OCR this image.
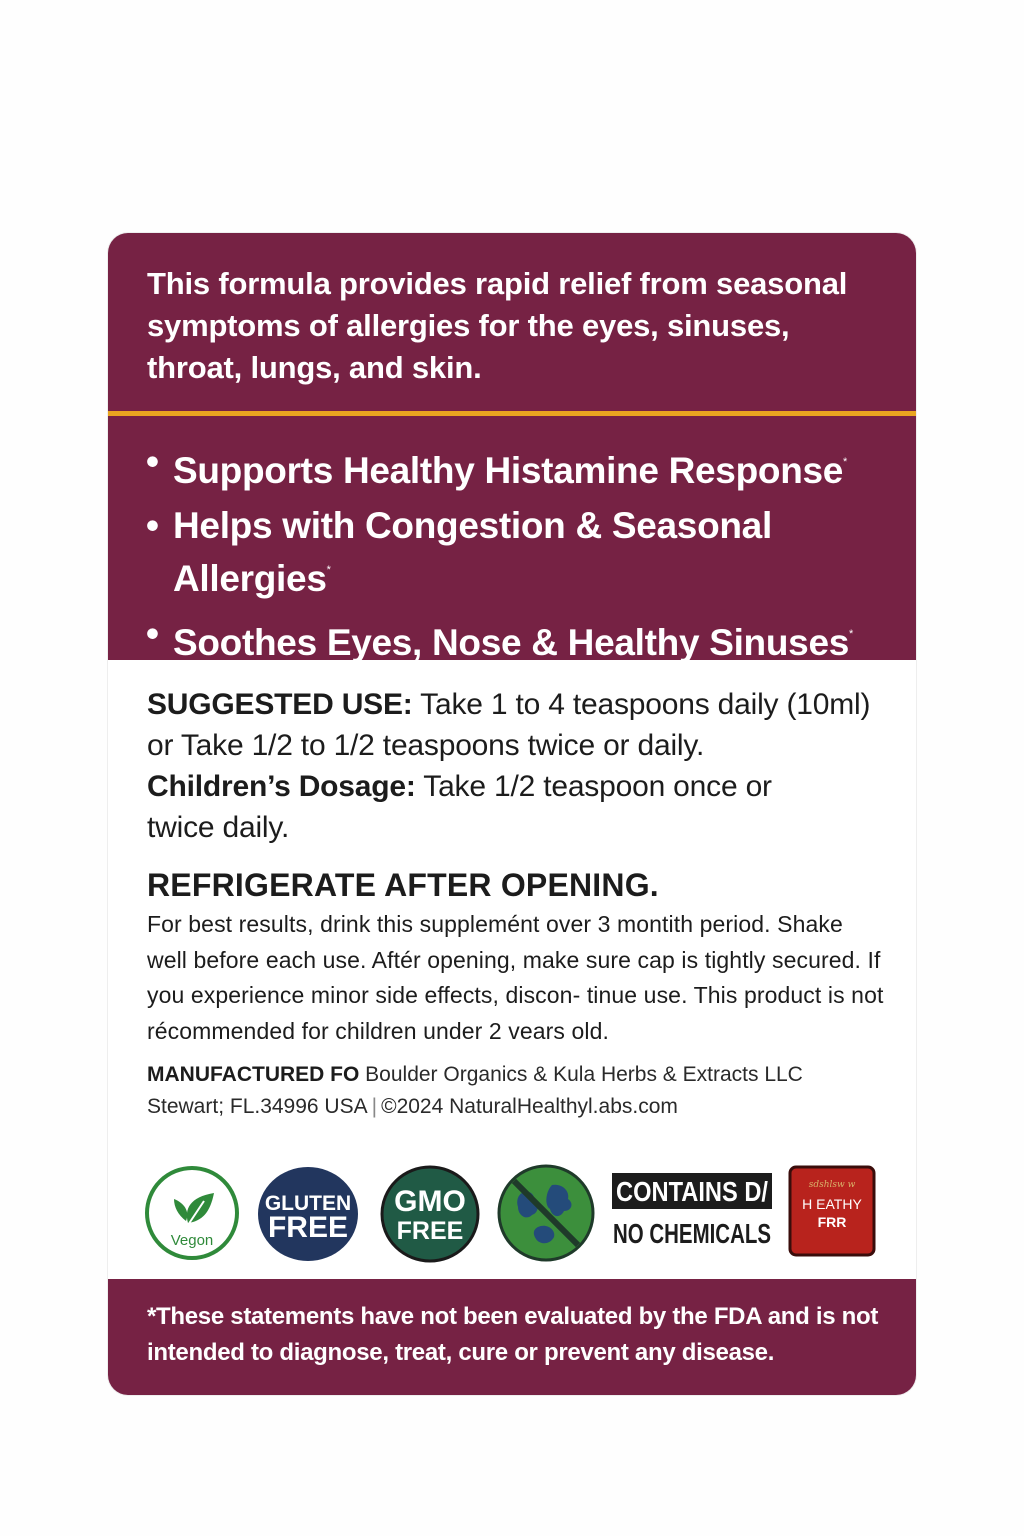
This formula provides rapid relief from seasonal symptoms of allergies for the eyes, sinuses, throat, lungs, and skin.

• Supports Healthy Histamine Response*
• Helps with Congestion & Seasonal Allergies*
• Soothes Eyes, Nose & Healthy Sinuses*

SUGGESTED USE: Take 1 to 4 teaspoons daily (10ml) or Take 1/2 to 1/2 teaspoons twice or daily.

Children’s Dosage: Take 1/2 teaspoon once or twice daily.

REFRIGERATE AFTER OPENING.

For best results, drink this supplemént over 3 montith period. Shake well before each use. Aftér opening, make sure cap is tightly secured. If you experience minor side effects, discon- tinue use. This product is not récommended for children under 2 vears old.

MANUFACTURED FO Boulder Organics & Kula Herbs & Extracts LLC
Stewart; FL.34996 USA | ©2024 NaturalHealthyl.abs.com
Vegon
GLUTEN
FREE
GMO
FREE
CONTAINS D/
NO CHEMICALS
sdshlsw w
H EATHY
FRR

*These statements have not been evaluated by the FDA and is not intended to diagnose, treat, cure or prevent any disease.
